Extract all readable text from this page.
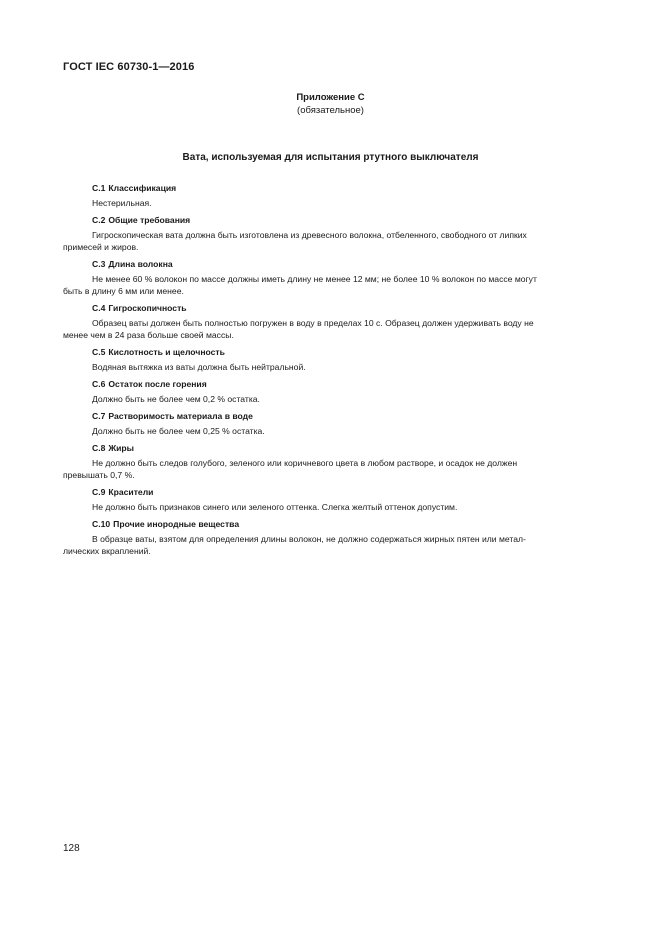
ГОСТ IEC 60730-1—2016
Приложение С
(обязательное)
Вата, используемая для испытания ртутного выключателя
С.1 Классификация
Нестерильная.
С.2 Общие требования
Гигроскопическая вата должна быть изготовлена из древесного волокна, отбеленного, свободного от липких
примесей и жиров.
С.3 Длина волокна
Не менее 60 % волокон по массе должны иметь длину не менее 12 мм; не более 10 % волокон по массе могут
быть в длину 6 мм или менее.
С.4 Гигроскопичность
Образец ваты должен быть полностью погружен в воду в пределах 10 с. Образец должен удерживать воду не
менее чем в 24 раза больше своей массы.
С.5 Кислотность и щелочность
Водяная вытяжка из ваты должна быть нейтральной.
С.6 Остаток после горения
Должно быть не более чем 0,2 % остатка.
С.7 Растворимость материала в воде
Должно быть не более чем 0,25 % остатка.
С.8 Жиры
Не должно быть следов голубого, зеленого или коричневого цвета в любом растворе, и осадок не должен
превышать 0,7 %.
С.9 Красители
Не должно быть признаков синего или зеленого оттенка. Слегка желтый оттенок допустим.
С.10 Прочие инородные вещества
В образце ваты, взятом для определения длины волокон, не должно содержаться жирных пятен или метал-
лических вкраплений.
128
